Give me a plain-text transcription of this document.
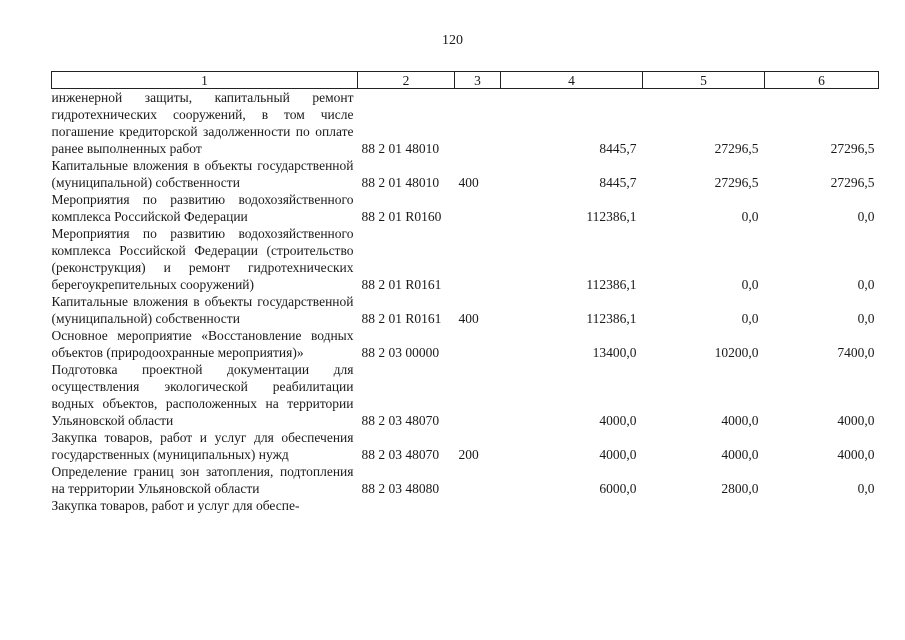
120
1	2	3	4	5	6
инженерной защиты, капитальный ремонт гидротехнических сооружений, в том числе погашение кредиторской задолженности по оплате ранее выполненных работ	88 2 01 48010		8445,7	27296,5	27296,5
Капитальные вложения в объекты государственной (муниципальной) собственности	88 2 01 48010	400	8445,7	27296,5	27296,5
Мероприятия по развитию водохозяйственного комплекса Российской Федерации	88 2 01 R0160		112386,1	0,0	0,0
Мероприятия по развитию водохозяйственного комплекса Российской Федерации (строительство (реконструкция) и ремонт гидротехнических берегоукрепительных сооружений)	88 2 01 R0161		112386,1	0,0	0,0
Капитальные вложения в объекты государственной (муниципальной) собственности	88 2 01 R0161	400	112386,1	0,0	0,0
Основное мероприятие «Восстановление водных объектов (природоохранные мероприятия)»	88 2 03 00000		13400,0	10200,0	7400,0
Подготовка проектной документации для осуществления экологической реабилитации водных объектов, расположенных на территории Ульяновской области	88 2 03 48070		4000,0	4000,0	4000,0
Закупка товаров, работ и услуг для обеспечения государственных (муниципальных) нужд	88 2 03 48070	200	4000,0	4000,0	4000,0
Определение границ зон затопления, подтопления на территории Ульяновской области	88 2 03 48080		6000,0	2800,0	0,0
Закупка товаров, работ и услуг для обеспе-					
